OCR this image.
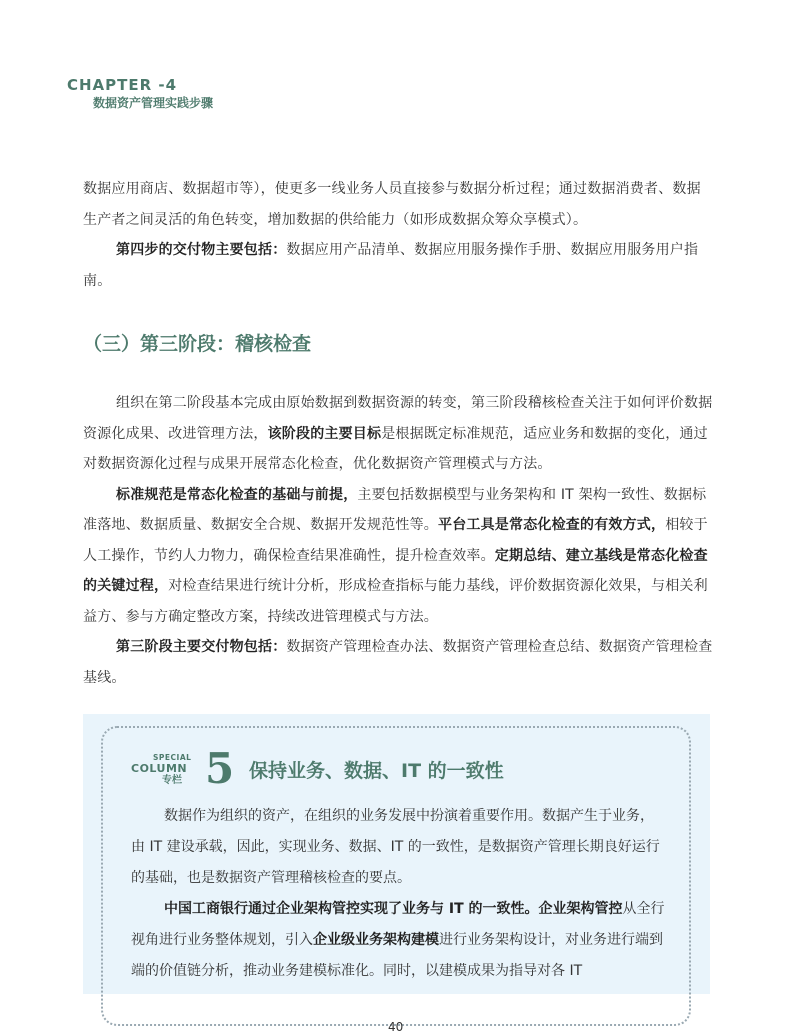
CHAPTER -4
数据资产管理实践步骤

数据应用商店、数据超市等），使更多一线业务人员直接参与数据分析过程；通过数据消费者、数据生产者之间灵活的角色转变，增加数据的供给能力（如形成数据众筹众享模式）。

第四步的交付物主要包括：数据应用产品清单、数据应用服务操作手册、数据应用服务用户指南。

（三）第三阶段：稽核检查

组织在第二阶段基本完成由原始数据到数据资源的转变，第三阶段稽核检查关注于如何评价数据资源化成果、改进管理方法，该阶段的主要目标是根据既定标准规范，适应业务和数据的变化，通过对数据资源化过程与成果开展常态化检查，优化数据资产管理模式与方法。

标准规范是常态化检查的基础与前提，主要包括数据模型与业务架构和 IT 架构一致性、数据标准落地、数据质量、数据安全合规、数据开发规范性等。平台工具是常态化检查的有效方式，相较于人工操作，节约人力物力，确保检查结果准确性，提升检查效率。定期总结、建立基线是常态化检查的关键过程，对检查结果进行统计分析，形成检查指标与能力基线，评价数据资源化效果，与相关利益方、参与方确定整改方案，持续改进管理模式与方法。

第三阶段主要交付物包括：数据资产管理检查办法、数据资产管理检查总结、数据资产管理检查基线。

SPECIAL
COLUMN
专栏 5 保持业务、数据、IT 的一致性

数据作为组织的资产，在组织的业务发展中扮演着重要作用。数据产生于业务，由 IT 建设承载，因此，实现业务、数据、IT 的一致性，是数据资产管理长期良好运行的基础，也是数据资产管理稽核检查的要点。

中国工商银行通过企业架构管控实现了业务与 IT 的一致性。企业架构管控从全行视角进行业务整体规划，引入企业级业务架构建模进行业务架构设计，对业务进行端到端的价值链分析，推动业务建模标准化。同时，以建模成果为指导对各 IT

40
